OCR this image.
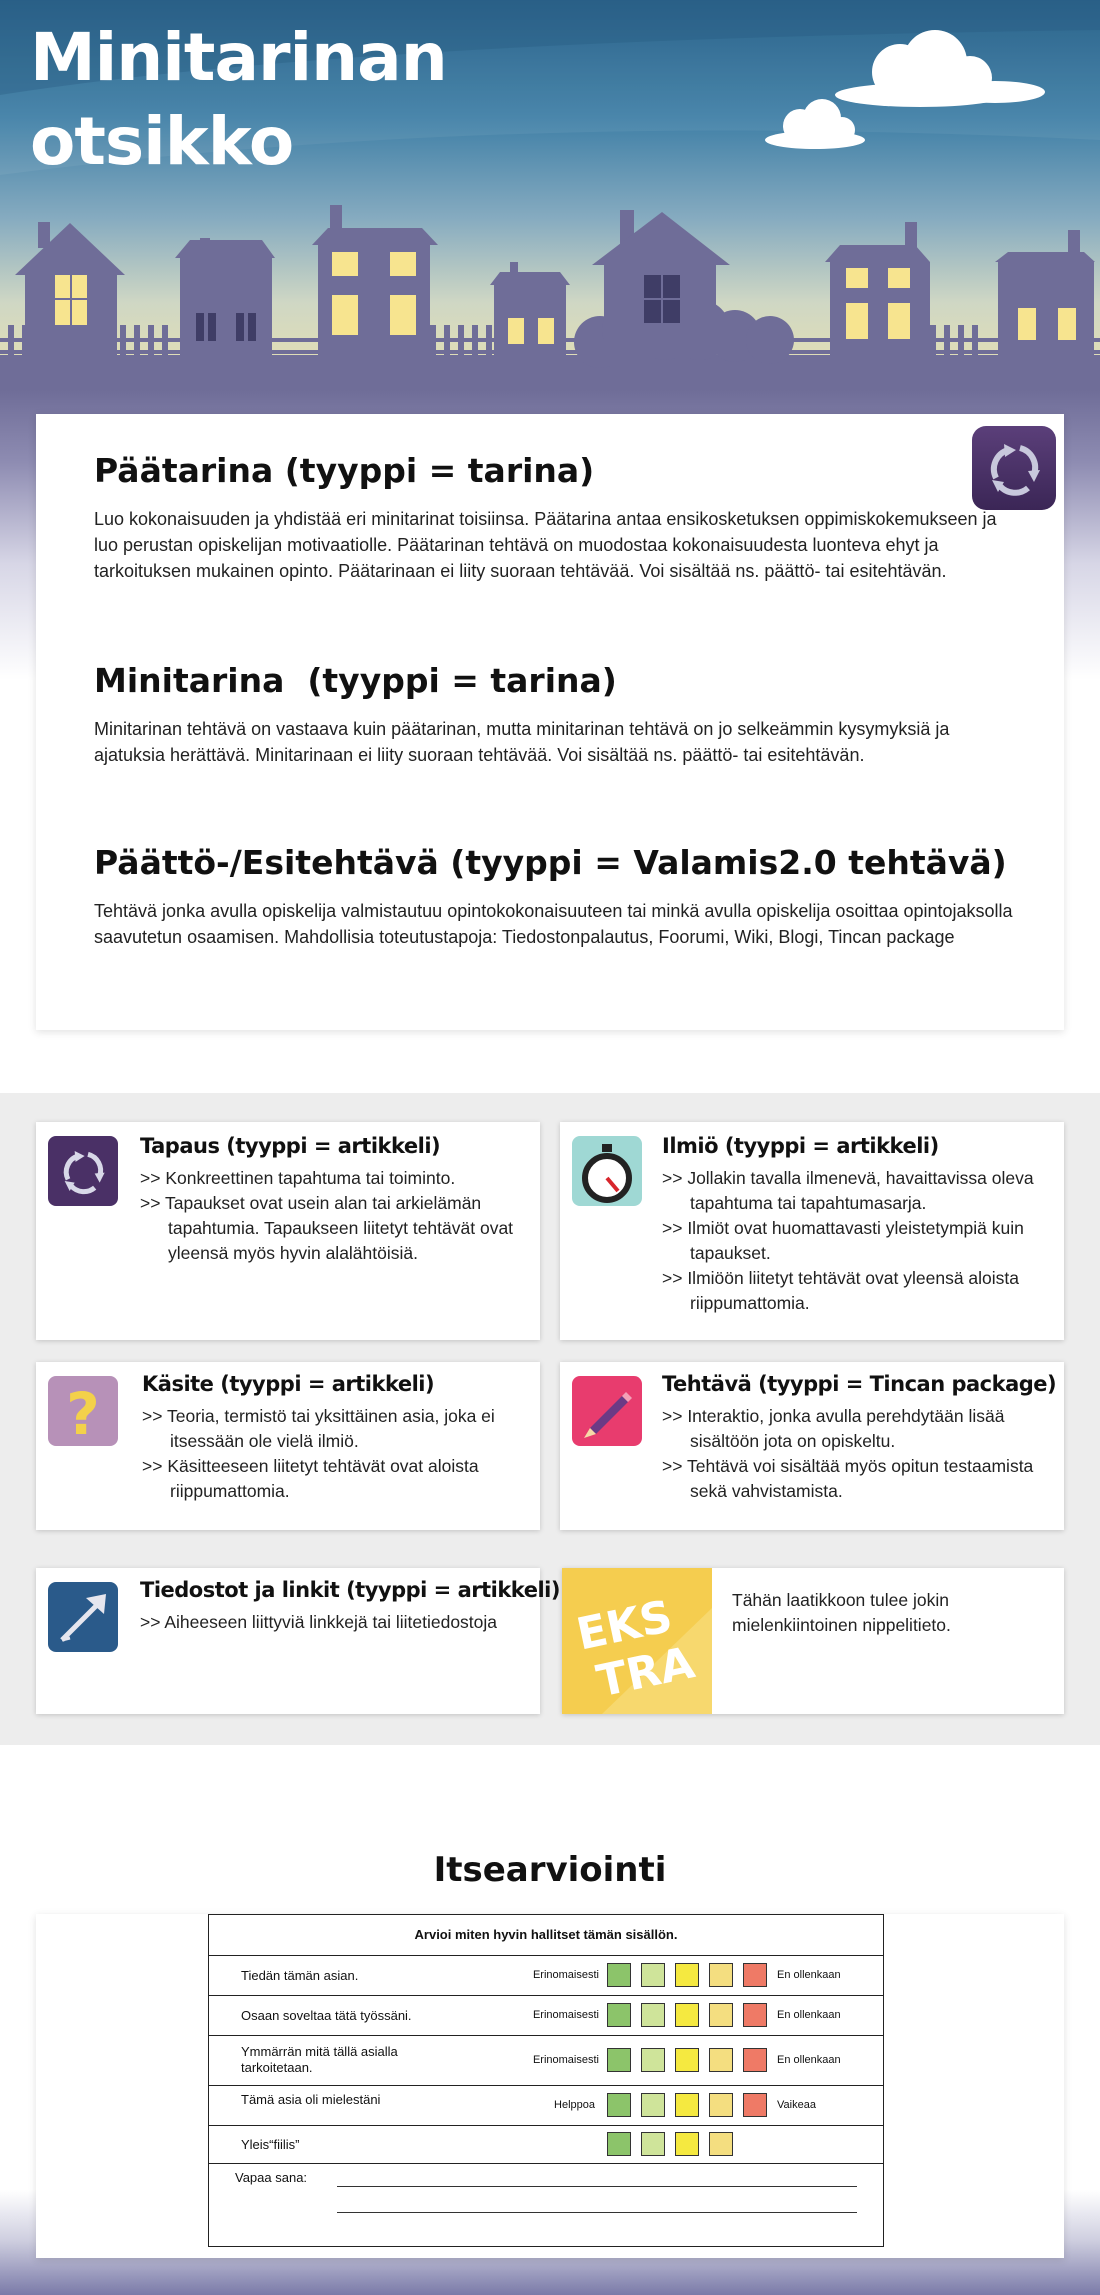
Minitarinan
otsikko
Päätarina (tyyppi = tarina)

Luo kokonaisuuden ja yhdistää eri minitarinat toisiinsa. Päätarina antaa ensikosketuksen oppimiskokemukseen ja luo perustan opiskelijan motivaatiolle. Päätarinan tehtävä on muodostaa kokonaisuudesta luonteva ehyt ja tarkoituksen mukainen opinto. Päätarinaan ei liity suoraan tehtävää. Voi sisältää ns. päättö- tai esitehtävän.

Minitarina  (tyyppi = tarina)

Minitarinan tehtävä on vastaava kuin päätarinan, mutta minitarinan tehtävä on jo selkeämmin kysymyksiä ja ajatuksia herättävä. Minitarinaan ei liity suoraan tehtävää. Voi sisältää ns. päättö- tai esitehtävän.

Päättö-/Esitehtävä (tyyppi = Valamis2.0 tehtävä)

Tehtävä jonka avulla opiskelija valmistautuu opintokokonaisuuteen tai minkä avulla opiskelija osoittaa opintojaksolla saavutetun osaamisen. Mahdollisia toteutustapoja: Tiedostonpalautus, Foorumi, Wiki, Blogi, Tincan package

Tapaus (tyyppi = artikkeli)
>> Konkreettinen tapahtuma tai toiminto.
>> Tapaukset ovat usein alan tai arkielämän tapahtumia. Tapaukseen liitetyt tehtävät ovat yleensä myös hyvin alalähtöisiä.
Ilmiö (tyyppi = artikkeli)
>> Jollakin tavalla ilmenevä, havaittavissa oleva tapahtuma tai tapahtumasarja.
>> Ilmiöt ovat huomattavasti yleistetympiä kuin tapaukset.
>> Ilmiöön liitetyt tehtävät ovat yleensä aloista riippumattomia.
? Käsite (tyyppi = artikkeli)
>> Teoria, termistö tai yksittäinen asia, joka ei itsessään ole vielä ilmiö.
>> Käsitteeseen liitetyt tehtävät ovat aloista riippumattomia.
Tehtävä (tyyppi = Tincan package)
>> Interaktio, jonka avulla perehdytään lisää sisältöön jota on opiskeltu.
>> Tehtävä voi sisältää myös opitun testaamista sekä vahvistamista.
Tiedostot ja linkit (tyyppi = artikkeli)
>> Aiheeseen liittyviä linkkejä tai liitetiedostoja	EKS
TRA
Tähän laatikkoon tulee jokin mielenkiintoinen nippelitieto.
Itsearviointi
Arvioi miten hyvin hallitset tämän sisällön.
Tiedän tämän asian.	Erinomaisesti	En ollenkaan
Osaan soveltaa tätä työssäni.	Erinomaisesti	En ollenkaan
Ymmärrän mitä tällä asialla tarkoitetaan.	Erinomaisesti	En ollenkaan
Tämä asia oli mielestäni	Helppoa	Vaikeaa
Yleis“fiilis”
Vapaa sana:
